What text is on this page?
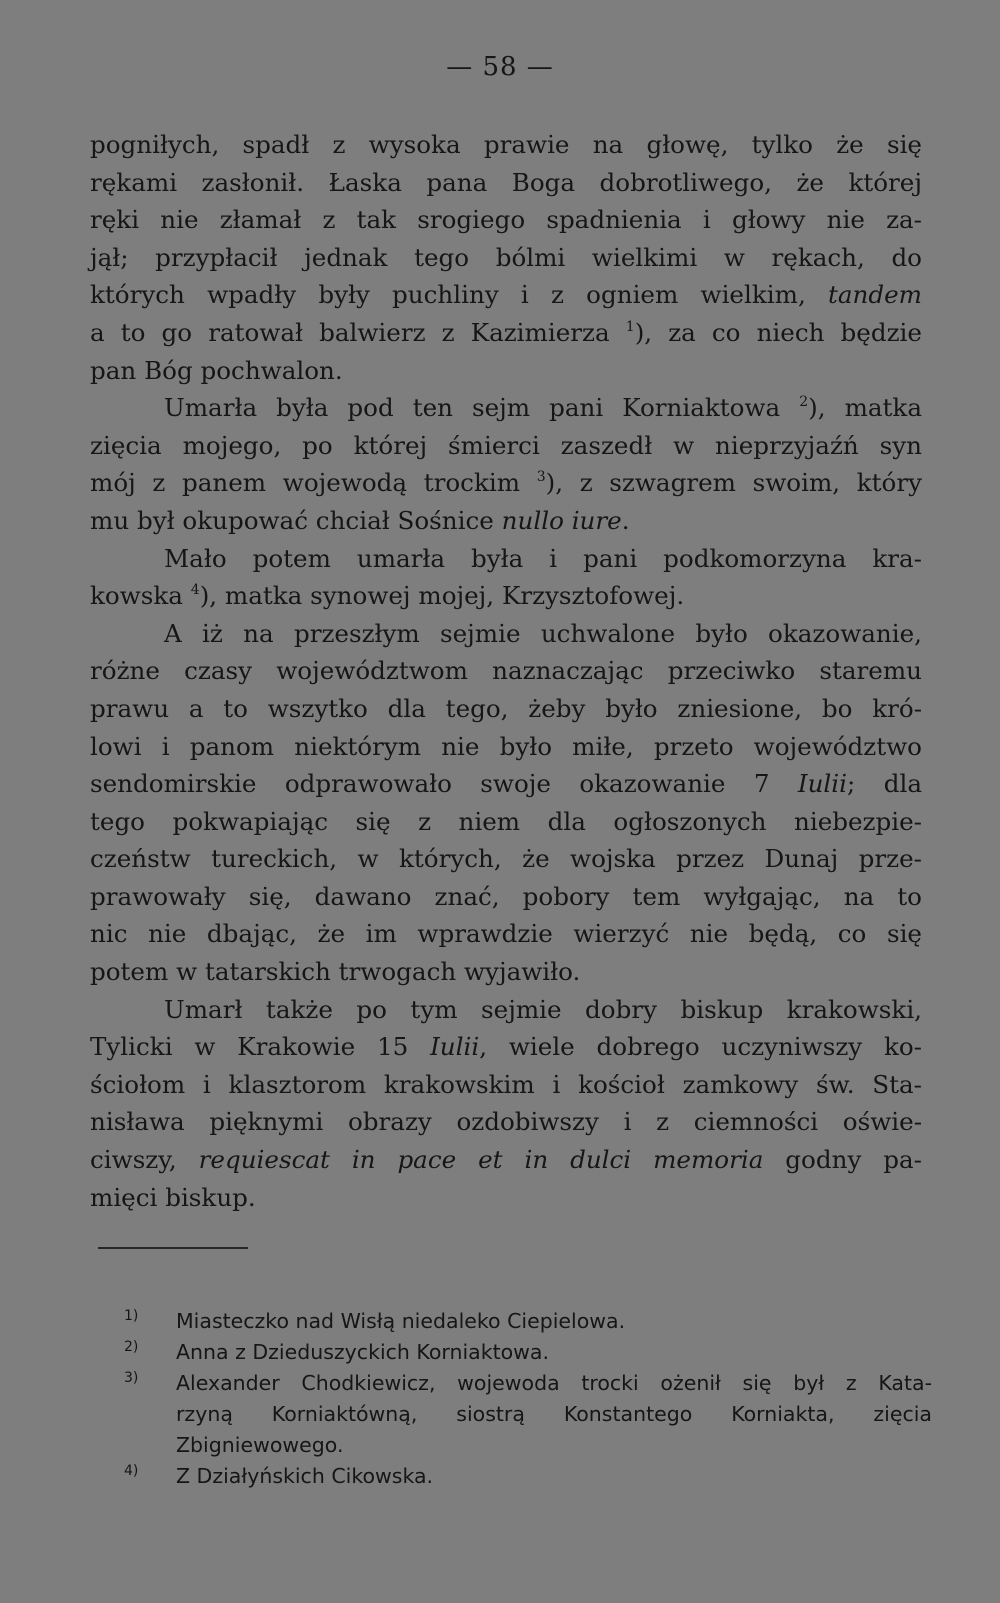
— 58 —
pogniłych, spadł z wysoka prawie na głowę, tylko że się
rękami zasłonił. Łaska pana Boga dobrotliwego, że której
ręki nie złamał z tak srogiego spadnienia i głowy nie za-
jął; przypłacił jednak tego bólmi wielkimi w rękach, do
których wpadły były puchliny i z ogniem wielkim, tandem
a to go ratował balwierz z Kazimierza $^1$), za co niech będzie
pan Bóg pochwalon.
Umarła była pod ten sejm pani Korniaktowa $^2$), matka
zięcia mojego, po której śmierci zaszedł w nieprzyjaźń syn
mój z panem wojewodą trockim $^3$), z szwagrem swoim, który
mu był okupować chciał Sośnice nullo iure.
Mało potem umarła była i pani podkomorzyna kra-
kowska $^4$), matka synowej mojej, Krzysztofowej.
A iż na przeszłym sejmie uchwalone było okazowanie,
różne czasy województwom naznaczając przeciwko staremu
prawu a to wszytko dla tego, żeby było zniesione, bo kró-
lowi i panom niektórym nie było miłe, przeto województwo
sendomirskie odprawowało swoje okazowanie 7 Iulii; dla
tego pokwapiając się z niem dla ogłoszonych niebezpie-
czeństw tureckich, w których, że wojska przez Dunaj prze-
prawowały się, dawano znać, pobory tem wyłgając, na to
nic nie dbając, że im wprawdzie wierzyć nie będą, co się
potem w tatarskich trwogach wyjawiło.
Umarł także po tym sejmie dobry biskup krakowski,
Tylicki w Krakowie 15 Iulii, wiele dobrego uczyniwszy ko-
ściołom i klasztorom krakowskim i kościoł zamkowy św. Sta-
nisława pięknymi obrazy ozdobiwszy i z ciemności oświe-
ciwszy, requiescat in pace et in dulci memoria godny pa-
mięci biskup.
1) Miasteczko nad Wisłą niedaleko Ciepielowa.
2) Anna z Dzieduszyckich Korniaktowa.
3) Alexander Chodkiewicz, wojewoda trocki ożenił się był z Kata-
rzyną Korniaktówną, siostrą Konstantego Korniakta, zięcia
Zbigniewowego.
4) Z Działyńskich Cikowska.
